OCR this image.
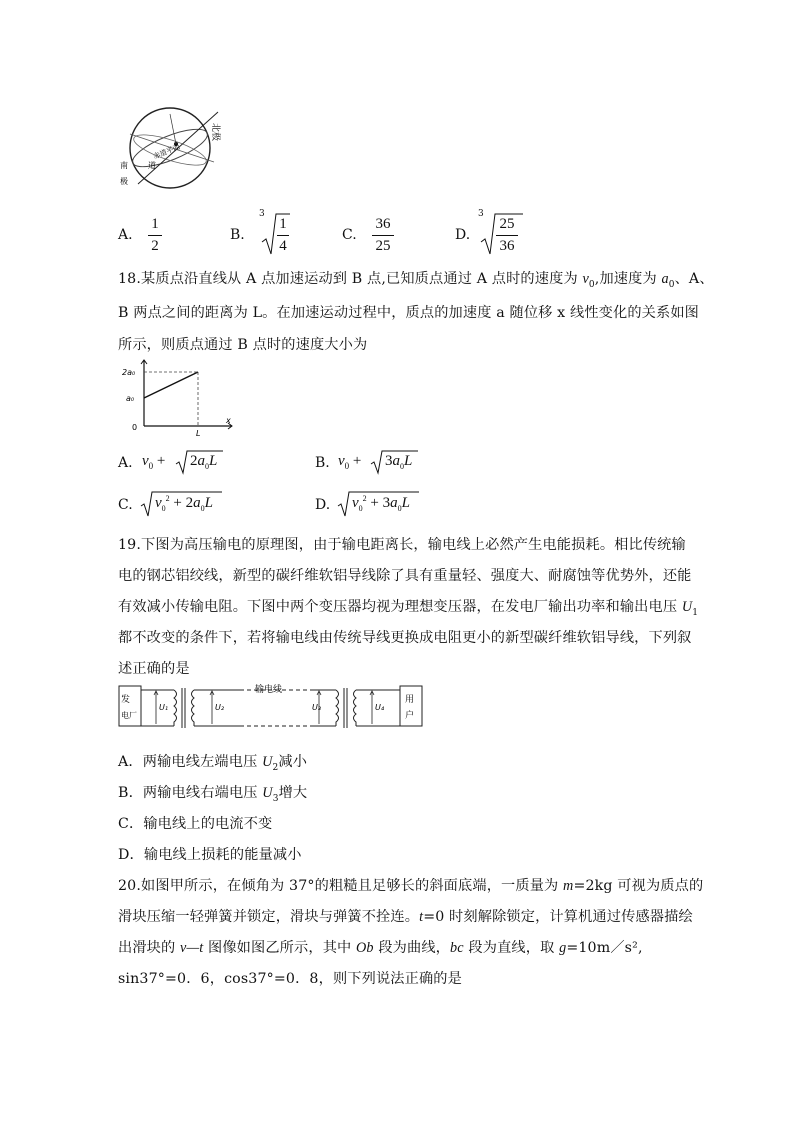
北极
赤道平面
道
南
极
A.
1
2
B.
3
1
4
C.
36
25
D.
3
25
36
18.某质点沿直线从 A 点加速运动到 B 点,已知质点通过 A 点时的速度为 $v_0$,加速度为 $a_0$、A、
B 两点之间的距离为 L。在加速运动过程中，质点的加速度 a 随位移 x 线性变化的关系如图
所示，则质点通过 B 点时的速度大小为
2a₀
a₀
0
L
x
A. $v_0 + 2a_0L$	B. $v_0 + 3a_0L$
C. $v_0^2 + 2a_0L$	D. $v_0^2 + 3a_0L$
19.下图为高压输电的原理图，由于输电距离长，输电线上必然产生电能损耗。相比传统输
电的钢芯铝绞线，新型的碳纤维软铝导线除了具有重量轻、强度大、耐腐蚀等优势外，还能
有效减小传输电阻。下图中两个变压器均视为理想变压器，在发电厂输出功率和输出电压 $U_1$
都不改变的条件下，若将输电线由传统导线更换成电阻更小的新型碳纤维软铝导线，下列叙
述正确的是
发
电厂
U₁	U₂
输电线
U₃	U₄
用
户
A．两输电线左端电压 $U_2$减小
B．两输电线右端电压 $U_3$增大
C．输电线上的电流不变
D．输电线上损耗的能量减小
20.如图甲所示，在倾角为 37°的粗糙且足够长的斜面底端，一质量为 m=2kg 可视为质点的
滑块压缩一轻弹簧并锁定，滑块与弹簧不拴连。t=0 时刻解除锁定，计算机通过传感器描绘
出滑块的 v—t 图像如图乙所示，其中 Ob 段为曲线，bc 段为直线，取 g=10m／s²,
sin37°=0．6，cos37°=0．8，则下列说法正确的是
